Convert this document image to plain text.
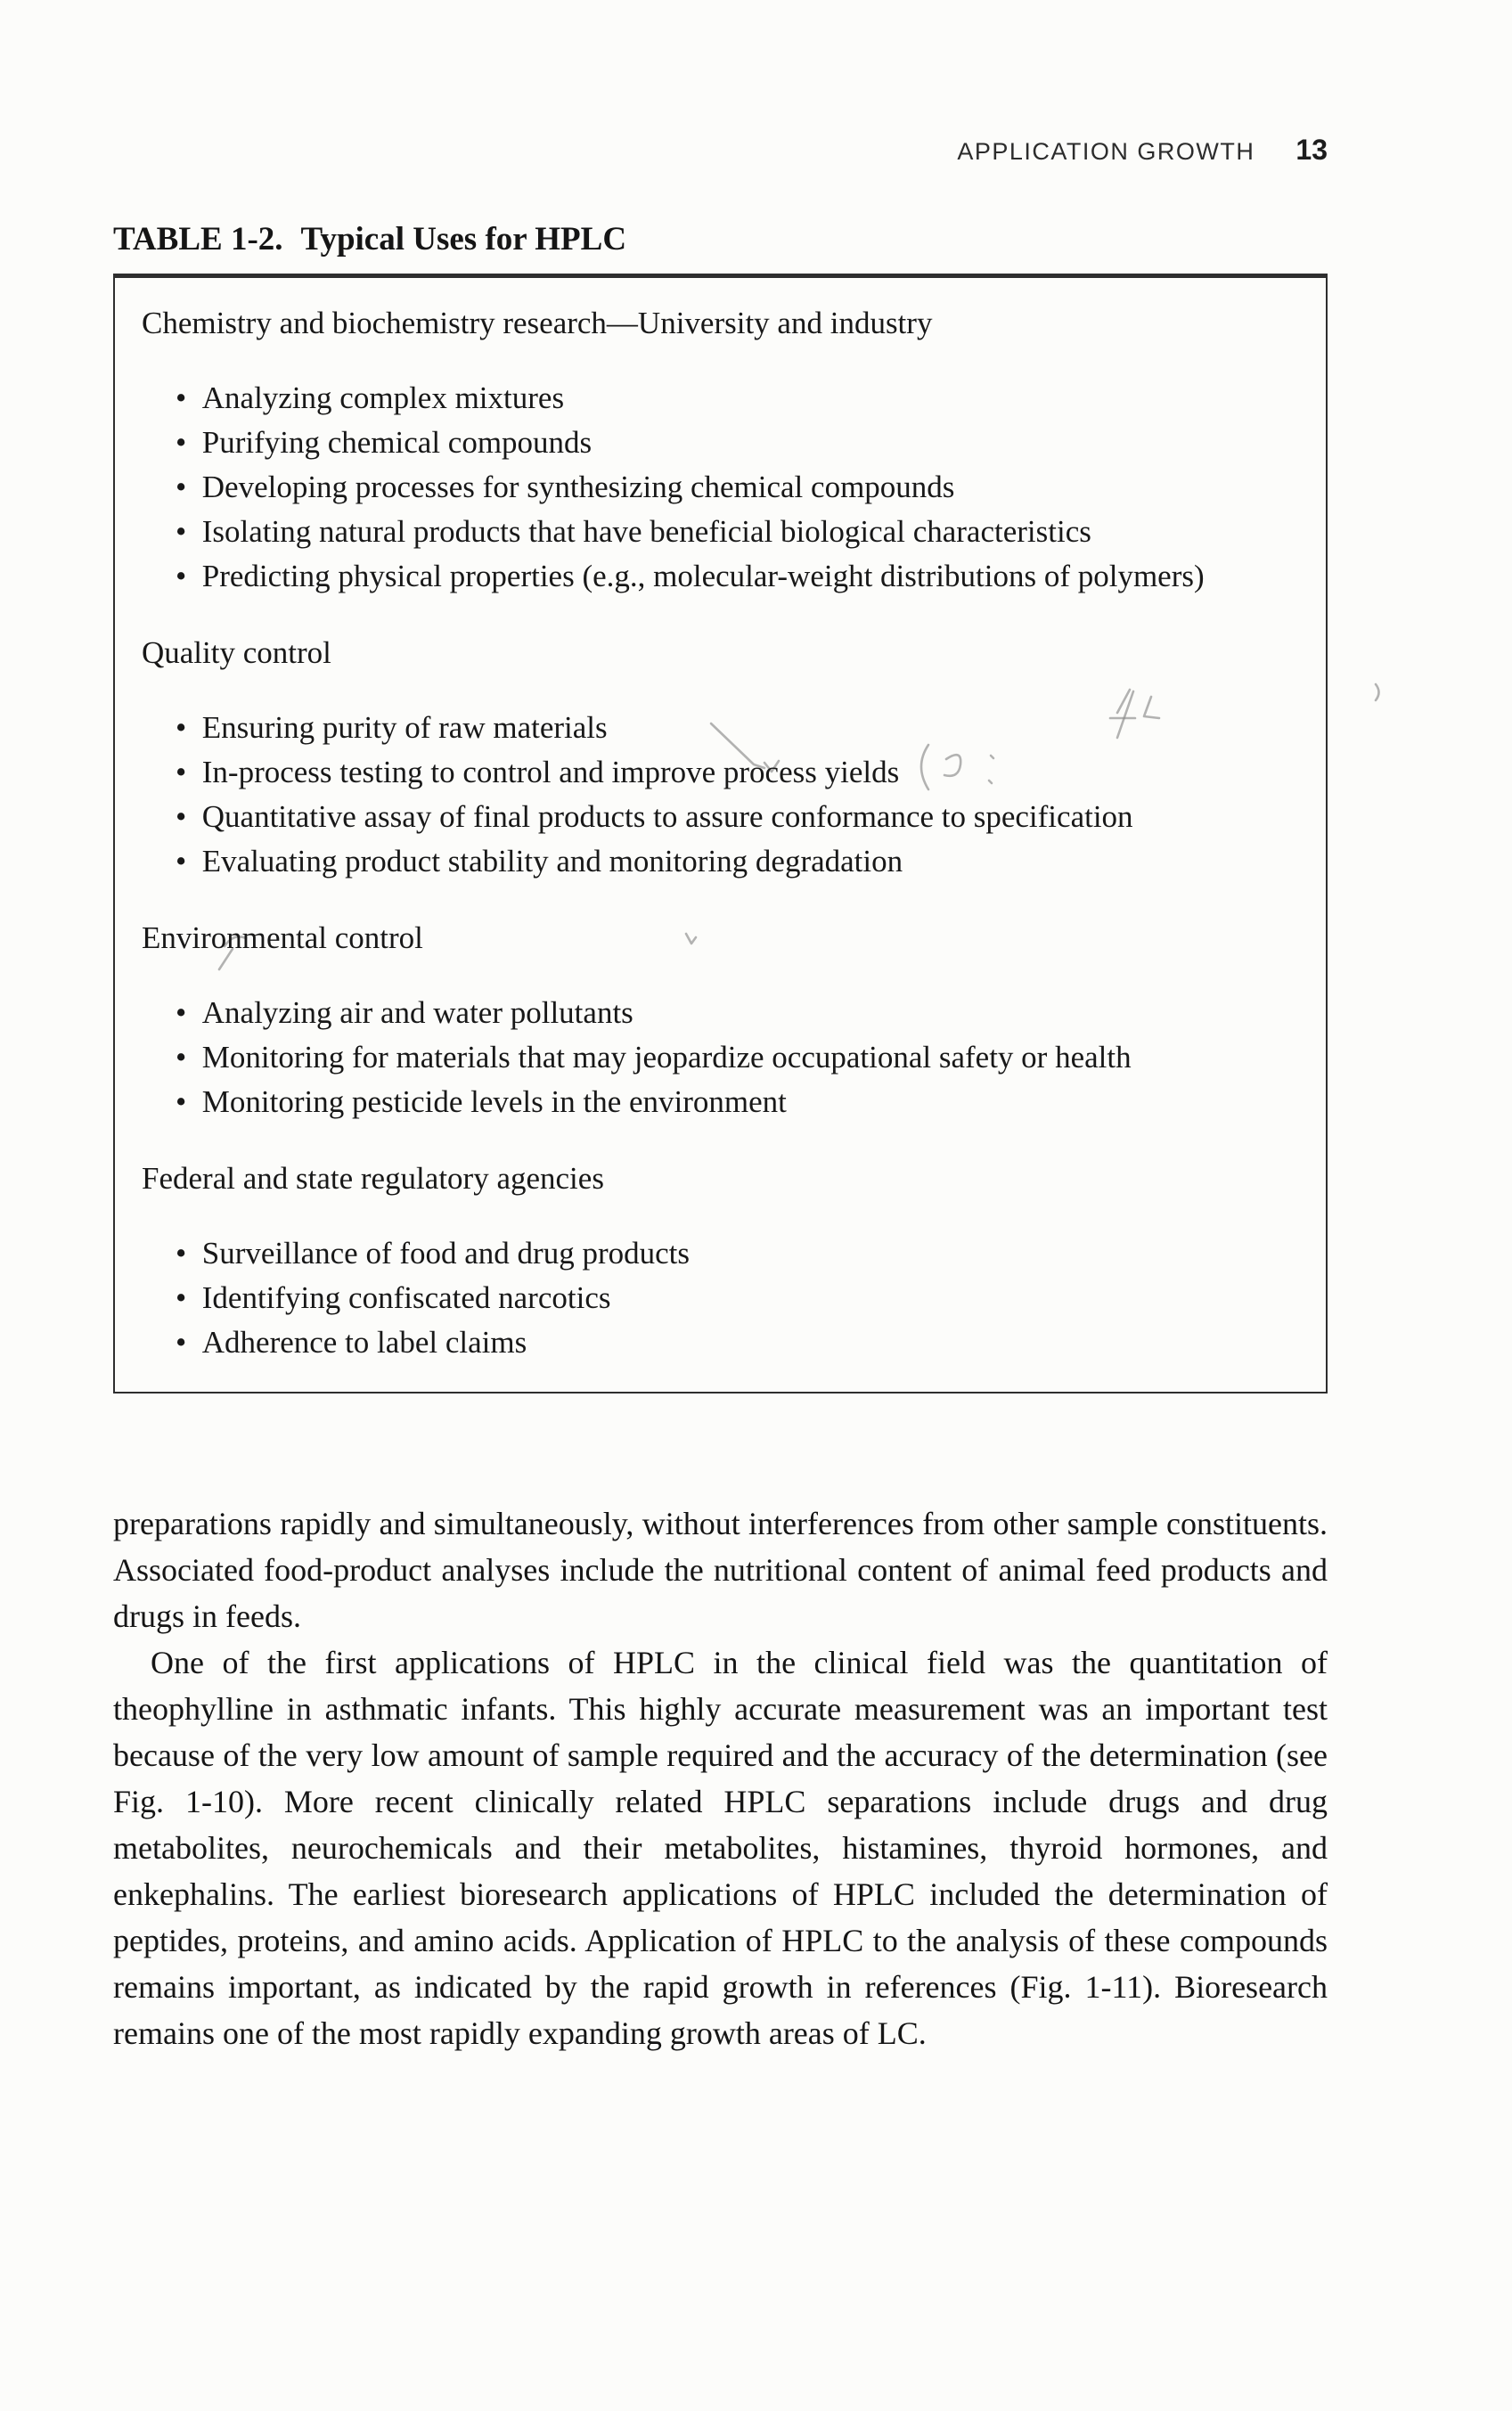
APPLICATION GROWTH 13
TABLE 1-2. Typical Uses for HPLC
Chemistry and biochemistry research—University and industry
• Analyzing complex mixtures
• Purifying chemical compounds
• Developing processes for synthesizing chemical compounds
• Isolating natural products that have beneficial biological characteristics
• Predicting physical properties (e.g., molecular-weight distributions of polymers)
Quality control
• Ensuring purity of raw materials
• In-process testing to control and improve process yields
• Quantitative assay of final products to assure conformance to specification
• Evaluating product stability and monitoring degradation
Environmental control
• Analyzing air and water pollutants
• Monitoring for materials that may jeopardize occupational safety or health
• Monitoring pesticide levels in the environment
Federal and state regulatory agencies
• Surveillance of food and drug products
• Identifying confiscated narcotics
• Adherence to label claims

preparations rapidly and simultaneously, without interferences from other sample constituents. Associated food-product analyses include the nutritional content of animal feed products and drugs in feeds.

One of the first applications of HPLC in the clinical field was the quantitation of theophylline in asthmatic infants. This highly accurate measurement was an important test because of the very low amount of sample required and the accuracy of the determination (see Fig. 1-10). More recent clinically related HPLC separations include drugs and drug metabolites, neurochemicals and their metabolites, histamines, thyroid hormones, and enkephalins. The earliest bioresearch applications of HPLC included the determination of peptides, proteins, and amino acids. Application of HPLC to the analysis of these compounds remains important, as indicated by the rapid growth in references (Fig. 1-11). Bioresearch remains one of the most rapidly expanding growth areas of LC.
